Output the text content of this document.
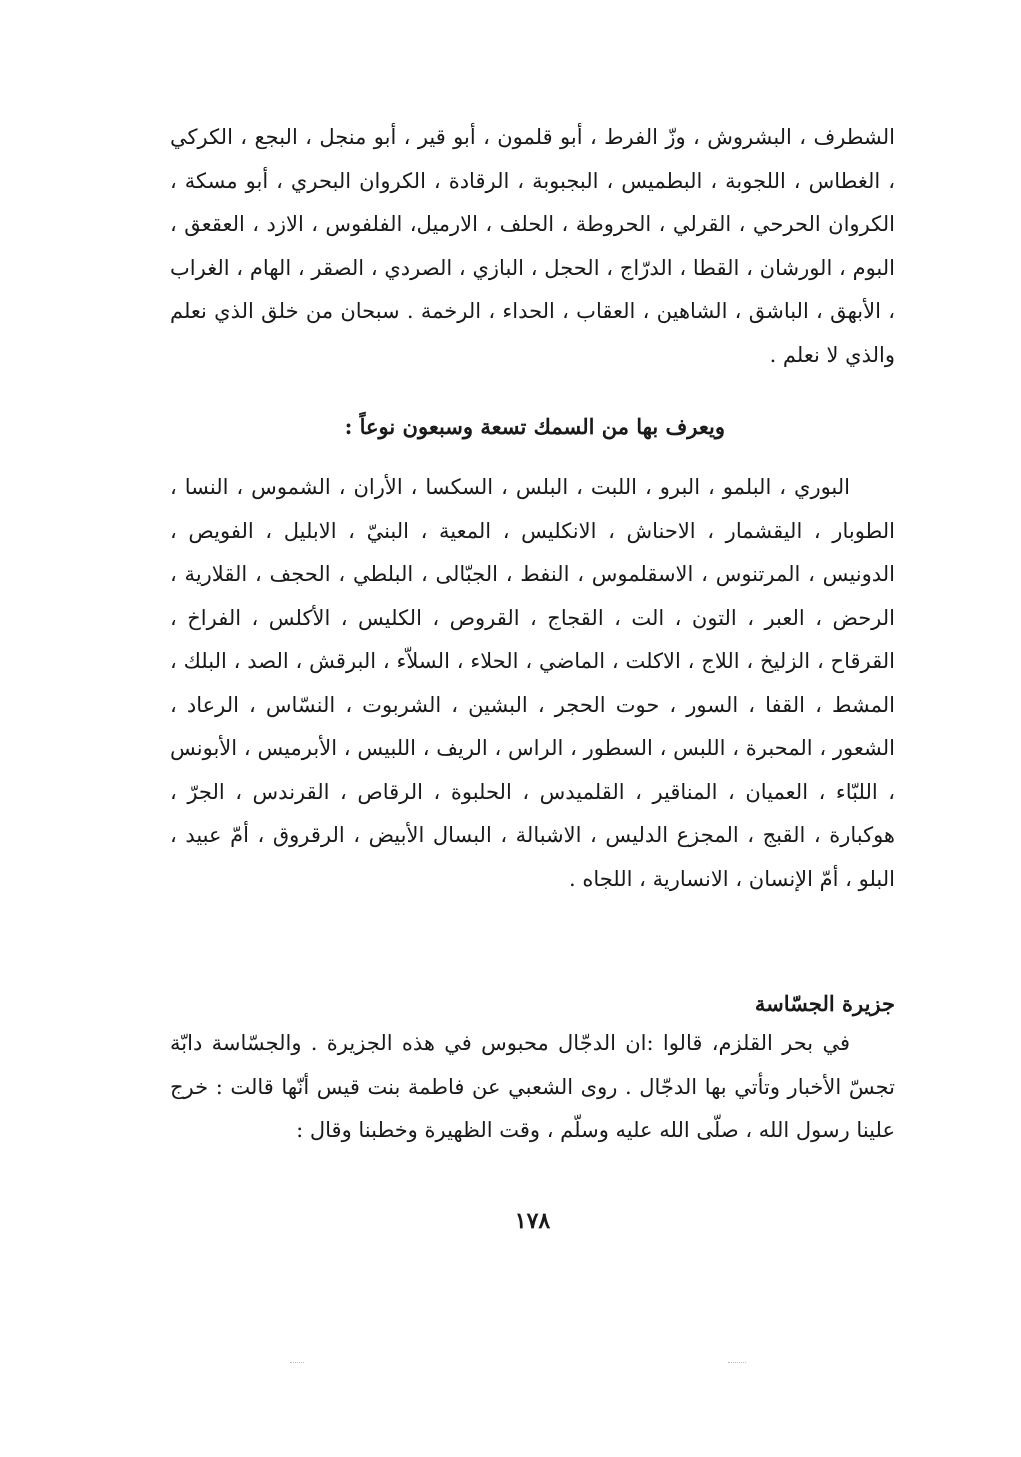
الشطرف ، البشروش ، وزّ الفرط ، أبو قلمون ، أبو قير ، أبو منجل ، البجع ، الكركي ، الغطاس ، اللجوبة ، البطميس ، البجبوبة ، الرقادة ، الكروان البحري ، أبو مسكة ، الكروان الحرحي ، القرلي ، الحروطة ، الحلف ، الارميل، الفلفوس ، الازد ، العقعق ، البوم ، الورشان ، القطا ، الدرّاج ، الحجل ، البازي ، الصردي ، الصقر ، الهام ، الغراب ، الأبهق ، الباشق ، الشاهين ، العقاب ، الحداء ، الرخمة . سبحان من خلق الذي نعلم والذي لا نعلم .

ويعرف بها من السمك تسعة وسبعون نوعاً :

البوري ، البلمو ، البرو ، اللبت ، البلس ، السكسا ، الأران ، الشموس ، النسا ، الطوبار ، اليقشمار ، الاحناش ، الانكليس ، المعية ، البنيّ ، الابليل ، الفويص ، الدونيس ، المرتنوس ، الاسقلموس ، النفط ، الجبّالى ، البلطي ، الحجف ، القلارية ، الرحض ، العبر ، التون ، الت ، القجاج ، القروص ، الكليس ، الأكلس ، الفراخ ، القرقاح ، الزليخ ، اللاج ، الاكلت ، الماضي ، الحلاء ، السلاّء ، البرقش ، الصد ، البلك ، المشط ، القفا ، السور ، حوت الحجر ، البشين ، الشربوت ، النسّاس ، الرعاد ، الشعور ، المحبرة ، اللبس ، السطور ، الراس ، الريف ، اللبيس ، الأبرميس ، الأبونس ، اللبّاء ، العميان ، المناقير ، القلميدس ، الحلبوة ، الرقاص ، القرندس ، الجرّ ، هوكبارة ، القبج ، المجزع الدليس ، الاشبالة ، البسال الأبيض ، الرقروق ، أمّ عبيد ، البلو ، أمّ الإنسان ، الانسارية ، اللجاه .

جزيرة الجسّاسة

في بحر القلزم، قالوا :ان الدجّال محبوس في هذه الجزيرة . والجسّاسة دابّة تجسّ الأخبار وتأتي بها الدجّال . روى الشعبي عن فاطمة بنت قيس أنّها قالت : خرج علينا رسول الله ، صلّى الله عليه وسلّم ، وقت الظهيرة وخطبنا وقال :

١٧٨
